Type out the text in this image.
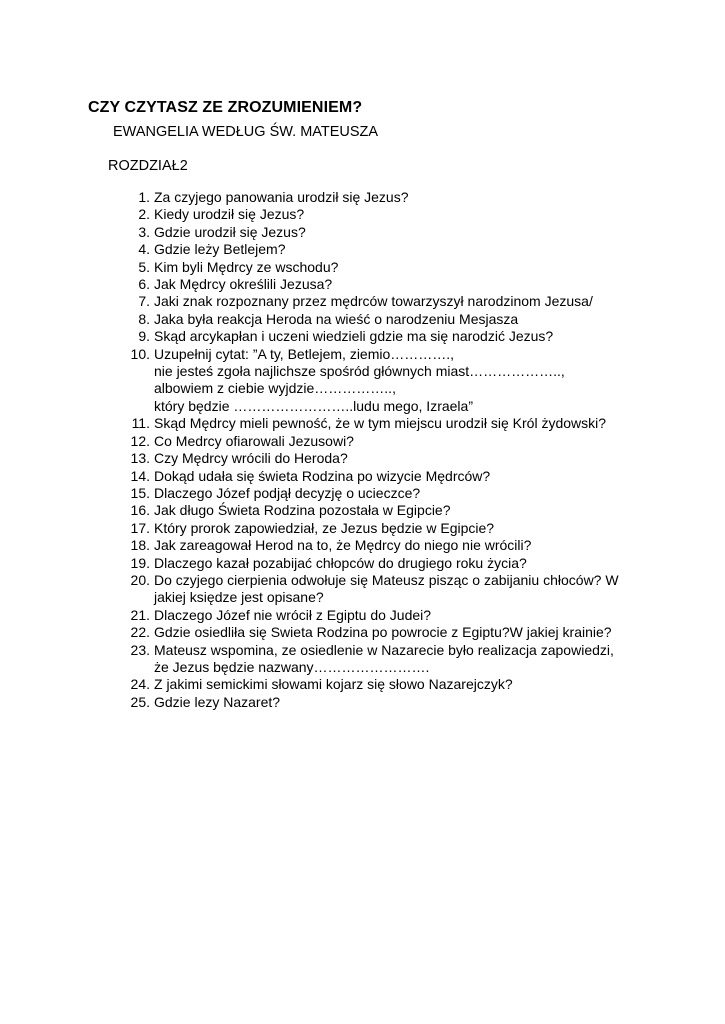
CZY CZYTASZ ZE ZROZUMIENIEM?
EWANGELIA WEDŁUG ŚW. MATEUSZA
ROZDZIAŁ2
1. Za czyjego panowania urodził się Jezus?
2. Kiedy urodził się Jezus?
3. Gdzie urodził się Jezus?
4. Gdzie leży Betlejem?
5. Kim byli Mędrcy ze wschodu?
6. Jak Mędrcy określili Jezusa?
7. Jaki znak rozpoznany przez mędrców towarzyszył narodzinom Jezusa/
8. Jaka była reakcja Heroda na wieść o narodzeniu Mesjasza
9. Skąd arcykapłan i uczeni wiedzieli gdzie ma się narodzić Jezus?
10. Uzupełnij cytat: ”A ty, Betlejem, ziemio………….,
nie jesteś zgoła najlichsze spośród głównych miast………………..,
albowiem z ciebie wyjdzie……………..,
który będzie ……………………..ludu mego, Izraela”
11. Skąd Mędrcy mieli pewność, że w tym miejscu urodził się Król żydowski?
12. Co Medrcy ofiarowali Jezusowi?
13. Czy Mędrcy wrócili do Heroda?
14. Dokąd udała się świeta Rodzina po wizycie Mędrców?
15. Dlaczego Józef podjął decyzję o ucieczce?
16. Jak długo Świeta Rodzina pozostała w Egipcie?
17. Który prorok zapowiedział, ze Jezus będzie w Egipcie?
18. Jak zareagował Herod na to, że Mędrcy do niego nie wrócili?
19. Dlaczego kazał pozabijać chłopców do drugiego roku życia?
20. Do czyjego cierpienia odwołuje się Mateusz pisząc o zabijaniu chłoców? W
jakiej księdze jest opisane?
21. Dlaczego Józef nie wrócił z Egiptu do Judei?
22. Gdzie osiedliła się Swieta Rodzina po powrocie z Egiptu?W jakiej krainie?
23. Mateusz wspomina, ze osiedlenie w Nazarecie było realizacja zapowiedzi,
że Jezus będzie nazwany…………………….
24. Z jakimi semickimi słowami kojarz się słowo Nazarejczyk?
25. Gdzie lezy Nazaret?
